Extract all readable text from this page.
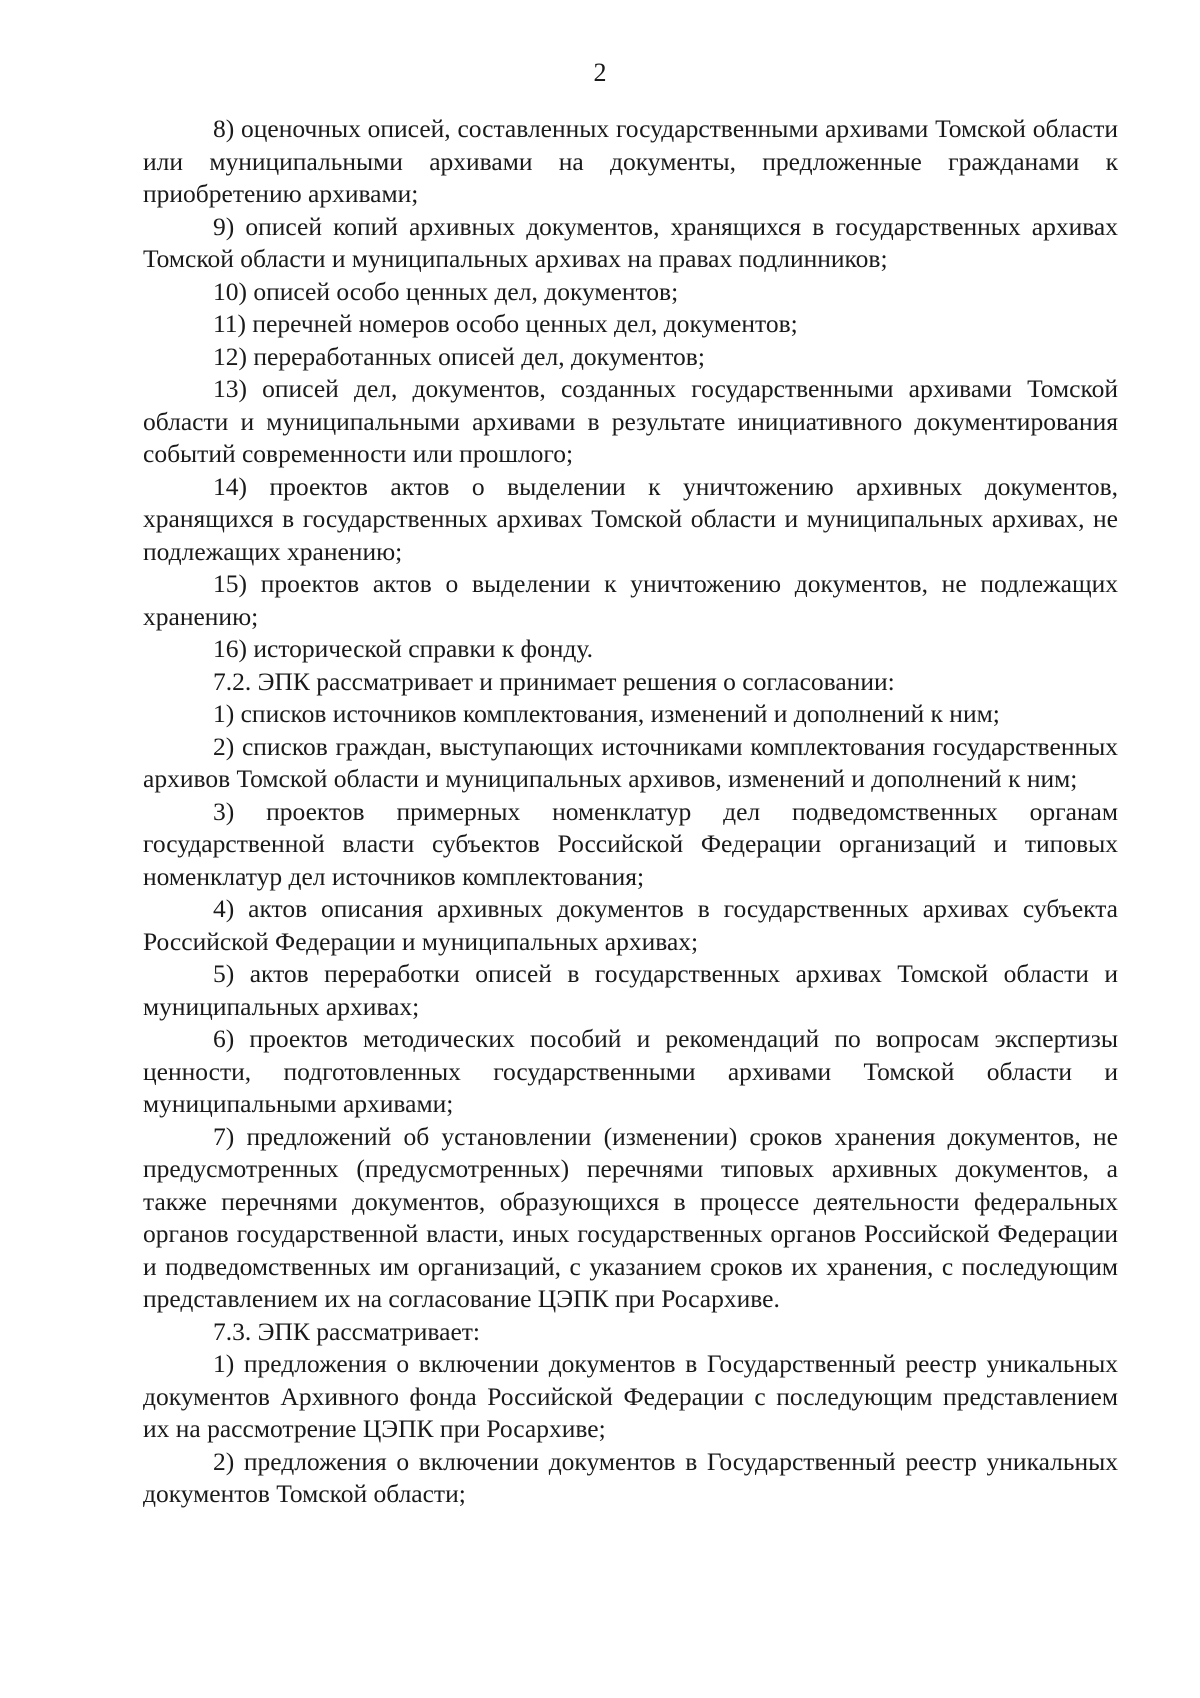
2

8) оценочных описей, составленных государственными архивами Томской области или муниципальными архивами на документы, предложенные гражданами к приобретению архивами;

9) описей копий архивных документов, хранящихся в государственных архивах Томской области и муниципальных архивах на правах подлинников;

10) описей особо ценных дел, документов;

11) перечней номеров особо ценных дел, документов;

12) переработанных описей дел, документов;

13) описей дел, документов, созданных государственными архивами Томской области и муниципальными архивами в результате инициативного документирования событий современности или прошлого;

14) проектов актов о выделении к уничтожению архивных документов, хранящихся в государственных архивах Томской области и муниципальных архивах, не подлежащих хранению;

15) проектов актов о выделении к уничтожению документов, не подлежащих хранению;

16) исторической справки к фонду.

7.2. ЭПК рассматривает и принимает решения о согласовании:

1) списков источников комплектования, изменений и дополнений к ним;

2) списков граждан, выступающих источниками комплектования государственных архивов Томской области и муниципальных архивов, изменений и дополнений к ним;

3) проектов примерных номенклатур дел подведомственных органам государственной власти субъектов Российской Федерации организаций и типовых номенклатур дел источников комплектования;

4) актов описания архивных документов в государственных архивах субъекта Российской Федерации и муниципальных архивах;

5) актов переработки описей в государственных архивах Томской области и муниципальных архивах;

6) проектов методических пособий и рекомендаций по вопросам экспертизы ценности, подготовленных государственными архивами Томской области и муниципальными архивами;

7) предложений об установлении (изменении) сроков хранения документов, не предусмотренных (предусмотренных) перечнями типовых архивных документов, а также перечнями документов, образующихся в процессе деятельности федеральных органов государственной власти, иных государственных органов Российской Федерации и подведомственных им организаций, с указанием сроков их хранения, с последующим представлением их на согласование ЦЭПК при Росархиве.

7.3. ЭПК рассматривает:

1) предложения о включении документов в Государственный реестр уникальных документов Архивного фонда Российской Федерации с последующим представлением их на рассмотрение ЦЭПК при Росархиве;

2) предложения о включении документов в Государственный реестр уникальных документов Томской области;
